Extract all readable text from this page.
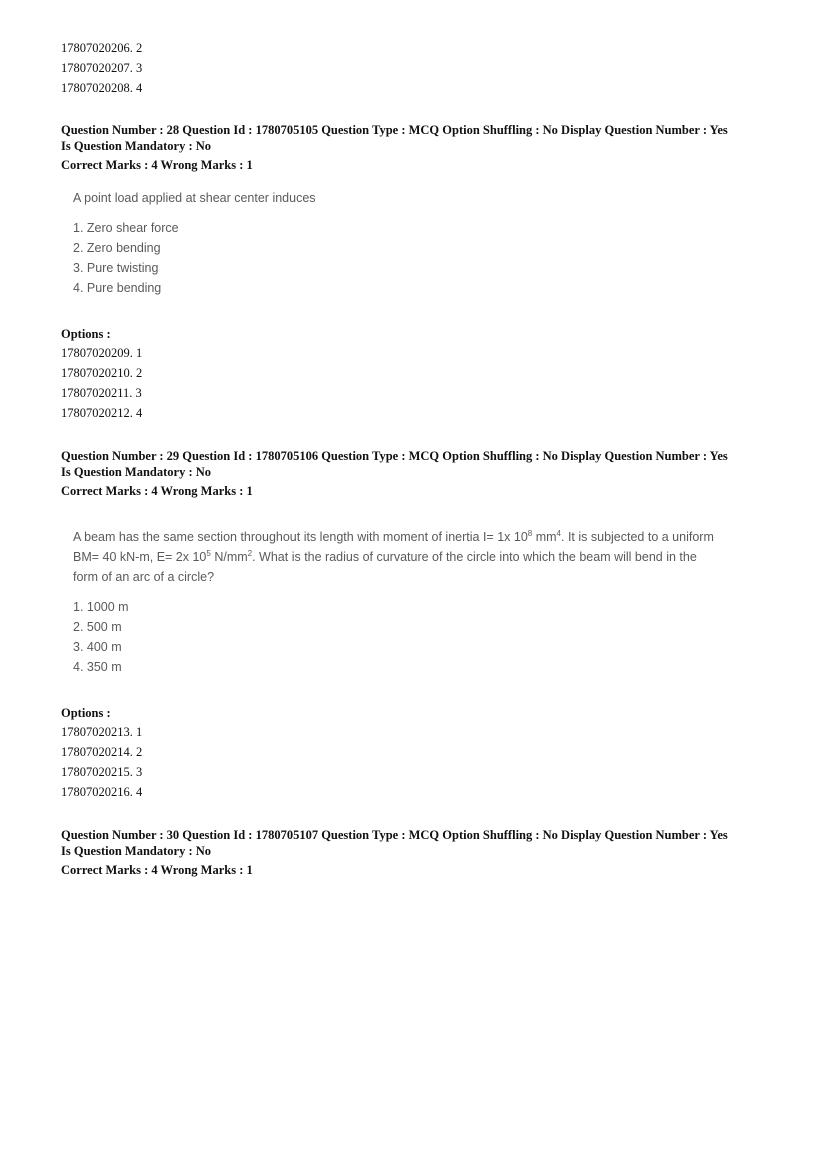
17807020206. 2
17807020207. 3
17807020208. 4
Question Number : 28 Question Id : 1780705105 Question Type : MCQ Option Shuffling : No Display Question Number : Yes
Is Question Mandatory : No
Correct Marks : 4 Wrong Marks : 1
A point load applied at shear center induces
1. Zero shear force
2. Zero bending
3. Pure twisting
4. Pure bending
Options :
17807020209. 1
17807020210. 2
17807020211. 3
17807020212. 4
Question Number : 29 Question Id : 1780705106 Question Type : MCQ Option Shuffling : No Display Question Number : Yes
Is Question Mandatory : No
Correct Marks : 4 Wrong Marks : 1
A beam has the same section throughout its length with moment of inertia I= 1x $10^8$ $mm^4$. It is subjected to a uniform
BM= 40 kN-m, E= 2x $10^5$ $N/mm^2$. What is the radius of curvature of the circle into which the beam will bend in the
form of an arc of a circle?
1. 1000 m
2. 500 m
3. 400 m
4. 350 m
Options :
17807020213. 1
17807020214. 2
17807020215. 3
17807020216. 4
Question Number : 30 Question Id : 1780705107 Question Type : MCQ Option Shuffling : No Display Question Number : Yes
Is Question Mandatory : No
Correct Marks : 4 Wrong Marks : 1
